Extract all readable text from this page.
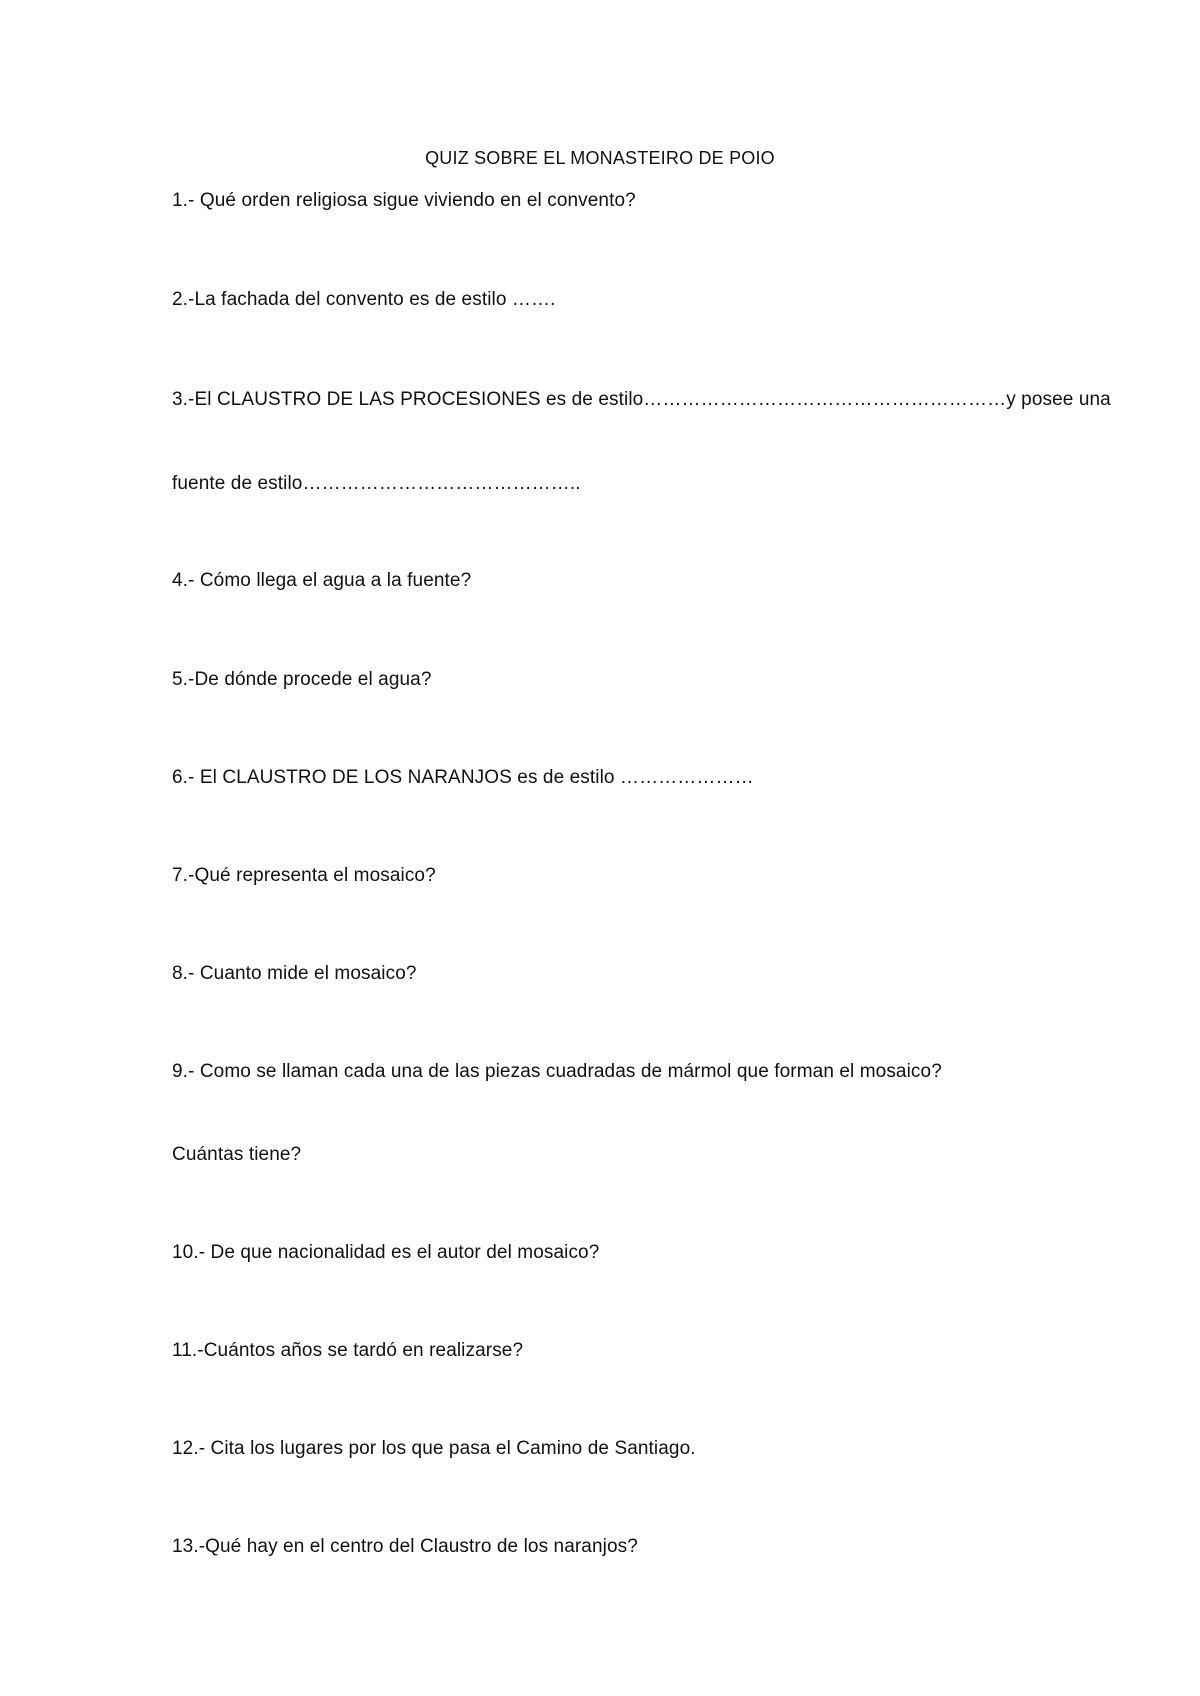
QUIZ SOBRE EL MONASTEIRO DE POIO
1.- Qué orden religiosa sigue viviendo en el convento?
2.-La fachada del convento es de estilo …….
3.-El CLAUSTRO DE LAS PROCESIONES es de estilo…………………………………………………y posee una
fuente de estilo……………………………………..
4.- Cómo llega el agua a la fuente?
5.-De dónde procede el agua?
6.- El CLAUSTRO DE LOS NARANJOS es de estilo …………………
7.-Qué representa el mosaico?
8.- Cuanto mide el mosaico?
9.- Como se llaman cada una de las piezas cuadradas de mármol que forman el mosaico?
Cuántas tiene?
10.- De que nacionalidad es el autor del mosaico?
11.-Cuántos años se tardó en realizarse?
12.- Cita los lugares por los que pasa el Camino de Santiago.
13.-Qué hay en el centro del Claustro de los naranjos?
